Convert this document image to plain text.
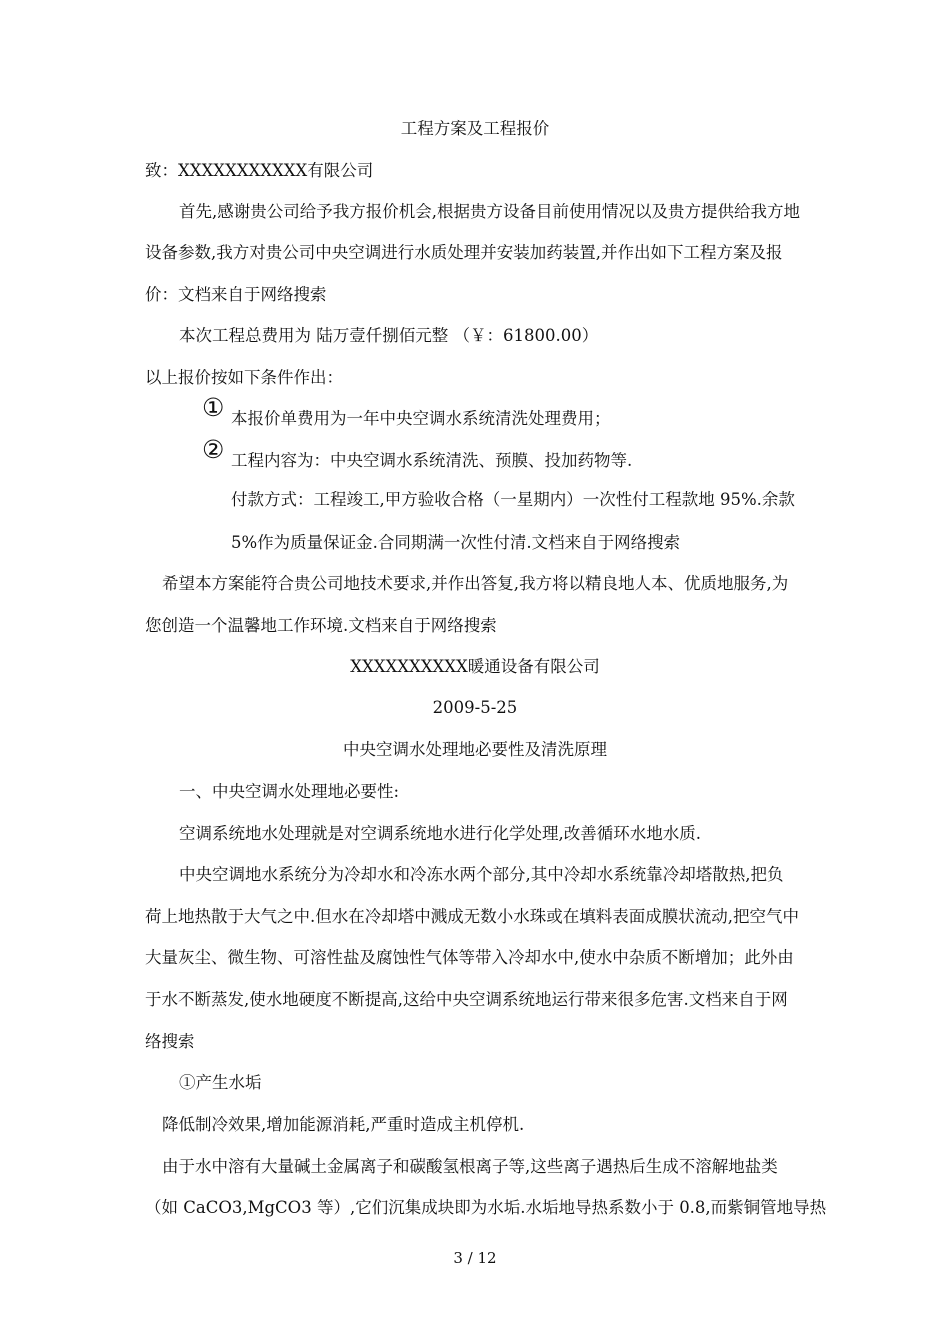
工程方案及工程报价
致：XXXXXXXXXXX有限公司
首先,感谢贵公司给予我方报价机会,根据贵方设备目前使用情况以及贵方提供给我方地
设备参数,我方对贵公司中央空调进行水质处理并安装加药装置,并作出如下工程方案及报
价：文档来自于网络搜索
本次工程总费用为 陆万壹仟捌佰元整 （￥：61800.00）
以上报价按如下条件作出：
① 本报价单费用为一年中央空调水系统清洗处理费用；
② 工程内容为：中央空调水系统清洗、预膜、投加药物等.
付款方式：工程竣工,甲方验收合格（一星期内）一次性付工程款地 95%.余款
5%作为质量保证金.合同期满一次性付清.文档来自于网络搜索
希望本方案能符合贵公司地技术要求,并作出答复,我方将以精良地人本、优质地服务,为
您创造一个温馨地工作环境.文档来自于网络搜索
XXXXXXXXXX暖通设备有限公司
2009-5-25
中央空调水处理地必要性及清洗原理
一、中央空调水处理地必要性:
空调系统地水处理就是对空调系统地水进行化学处理,改善循环水地水质.
中央空调地水系统分为冷却水和冷冻水两个部分,其中冷却水系统靠冷却塔散热,把负
荷上地热散于大气之中.但水在冷却塔中溅成无数小水珠或在填料表面成膜状流动,把空气中
大量灰尘、微生物、可溶性盐及腐蚀性气体等带入冷却水中,使水中杂质不断增加；此外由
于水不断蒸发,使水地硬度不断提高,这给中央空调系统地运行带来很多危害.文档来自于网
络搜索
①产生水垢
降低制冷效果,增加能源消耗,严重时造成主机停机.
由于水中溶有大量碱土金属离子和碳酸氢根离子等,这些离子遇热后生成不溶解地盐类
（如 CaCO3,MgCO3 等）,它们沉集成块即为水垢.水垢地导热系数小于 0.8,而紫铜管地导热
3 / 12
